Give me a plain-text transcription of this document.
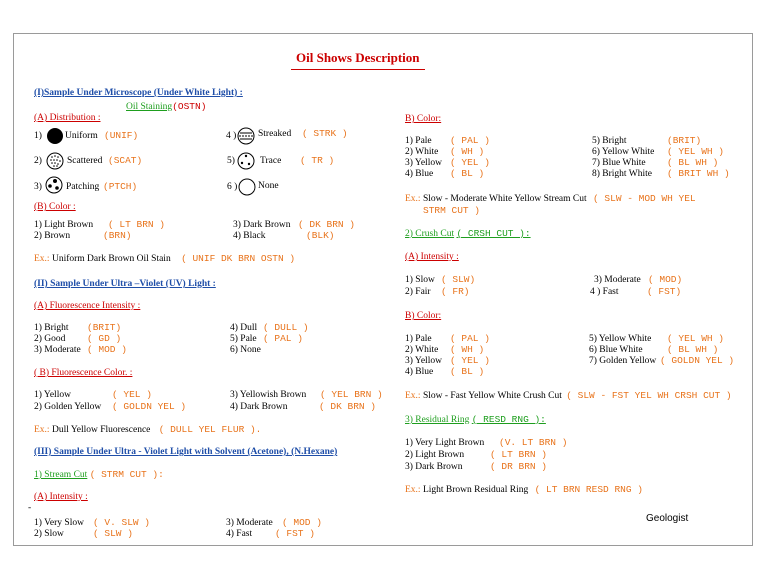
Oil Shows Description
(I)Sample Under Microscope (Under White Light) :
Oil Staining(OSTN)
(A) Distribution :
1) Uniform (UNIF)	4 ) Streaked ( STRK )
2)	Scattered (SCAT)	5)	Trace ( TR )
3)	Patching (PTCH)	6 ) None
(B) Color :
1) Light Brown ( LT BRN )
2) Brown	(BRN)
3) Dark Brown ( DK BRN )
4) Black	(BLK)
Ex.: Uniform Dark Brown Oil Stain ( UNIF DK BRN OSTN )
(II) Sample Under Ultra –Violet (UV) Light :
(A) Fluorescence Intensity :
1) Bright (BRIT)
2) Good ( GD )
3) Moderate ( MOD )
4) Dull ( DULL )
5) Pale ( PAL )
6) None
( B) Fluorescence Color. :
1) Yellow	( YEL )
2) Golden Yellow ( GOLDN YEL )
3) Yellowish Brown ( YEL BRN )
4) Dark Brown	( DK BRN )
Ex.: Dull Yellow Fluorescence ( DULL YEL FLUR ).
(III) Sample Under Ultra - Violet Light with Solvent (Acetone), (N.Hexane)
1) Stream Cut ( STRM CUT ):
(A) Intensity :
-
1) Very Slow ( V. SLW )
2) Slow	( SLW )
3) Moderate ( MOD )
4) Fast ( FST )
B) Color:
1) Pale ( PAL )
2) White ( WH )
3) Yellow ( YEL )
4) Blue ( BL )
5) Bright	(BRIT)
6) Yellow White ( YEL WH )
7) Blue White ( BL WH )
8) Bright White ( BRIT WH )
Ex.: Slow - Moderate White Yellow Stream Cut ( SLW - MOD WH YEL
STRM CUT )
2) Crush Cut ( CRSH CUT ):
(A) Intensity :
1) Slow ( SLW)
2) Fair ( FR)
3) Moderate ( MOD)
4 ) Fast	( FST)
B) Color:
1) Pale ( PAL )
2) White ( WH )
3) Yellow ( YEL )
4) Blue ( BL )
5) Yellow White ( YEL WH )
6) Blue White	( BL WH )
7) Golden Yellow ( GOLDN YEL )
Ex.: Slow - Fast Yellow White Crush Cut ( SLW - FST YEL WH CRSH CUT )
3) Residual Ring ( RESD RNG ):
1) Very Light Brown (V. LT BRN )
2) Light Brown	( LT BRN )
3) Dark Brown	( DR BRN )
Ex.: Light Brown Residual Ring ( LT BRN RESD RNG )
Geologist
